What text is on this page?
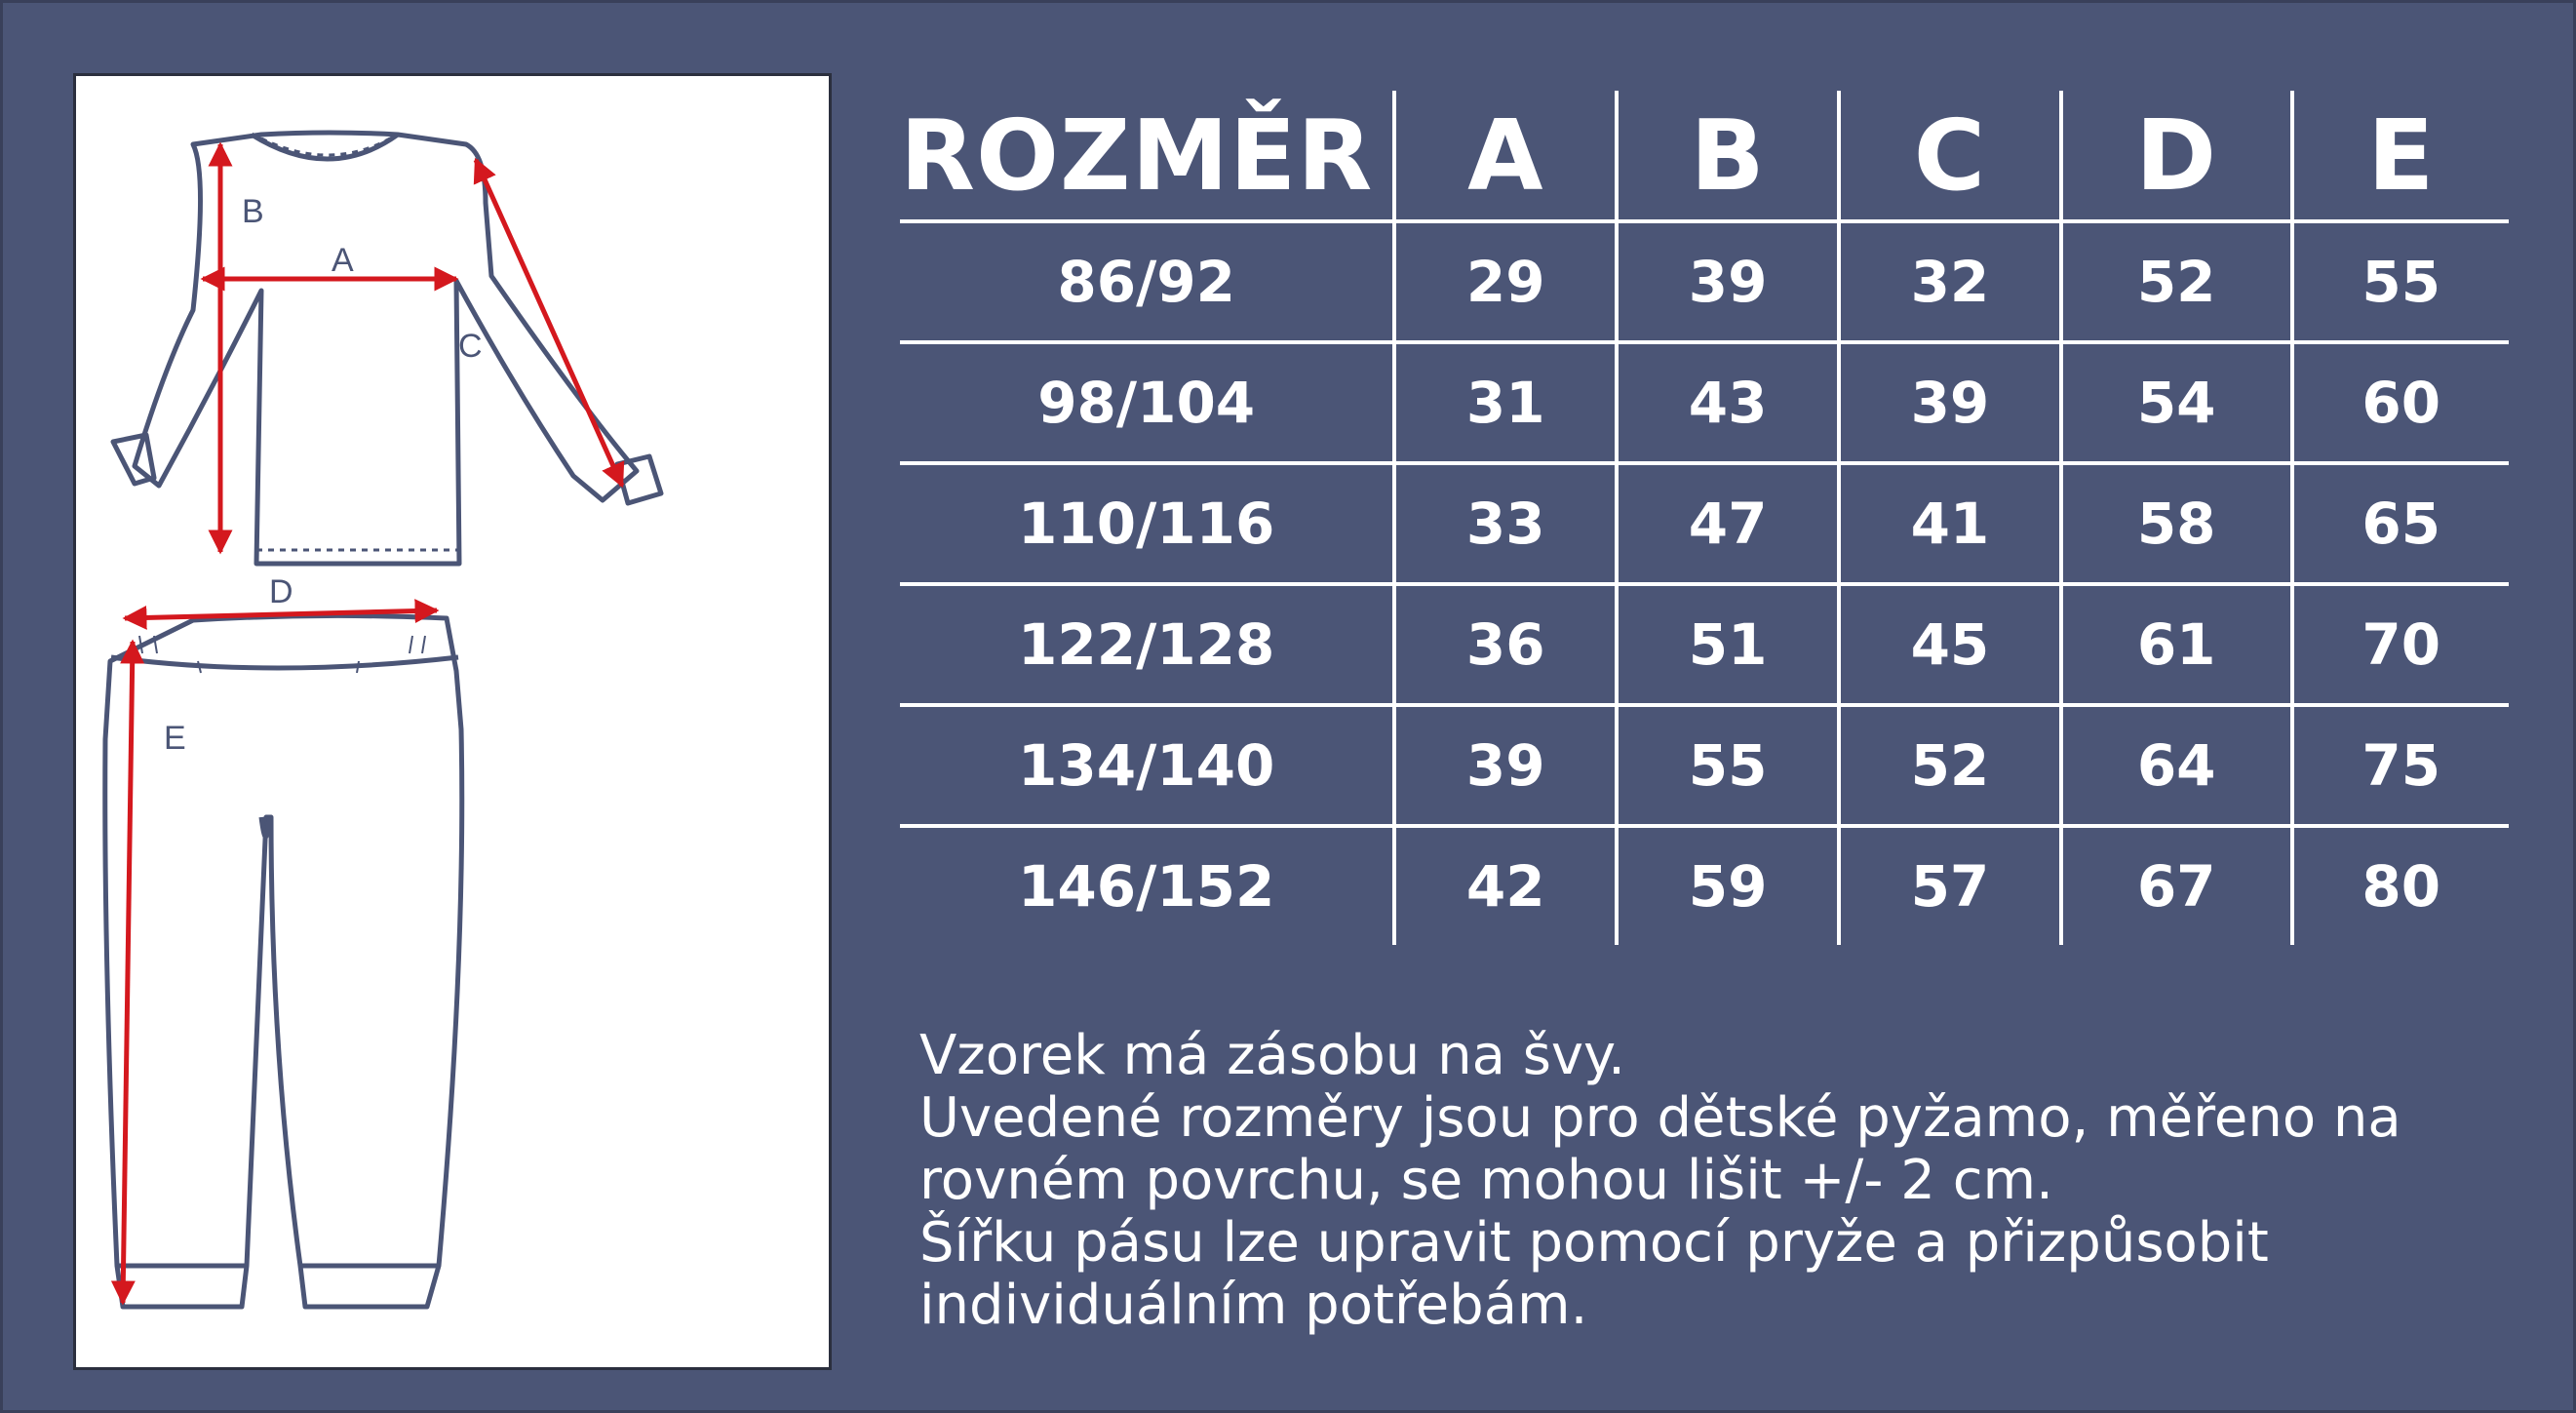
A
B
C
D
E
ROZMĚR	A	B	C	D	E
86/92	29	39	32	52	55
98/104	31	43	39	54	60
110/116	33	47	41	58	65
122/128	36	51	45	61	70
134/140	39	55	52	64	75
146/152	42	59	57	67	80
Vzorek má zásobu na švy.
Uvedené rozměry jsou pro dětské pyžamo, měřeno na
rovném povrchu, se mohou lišit +/- 2 cm.
Šířku pásu lze upravit pomocí pryže a přizpůsobit
individuálním potřebám.
